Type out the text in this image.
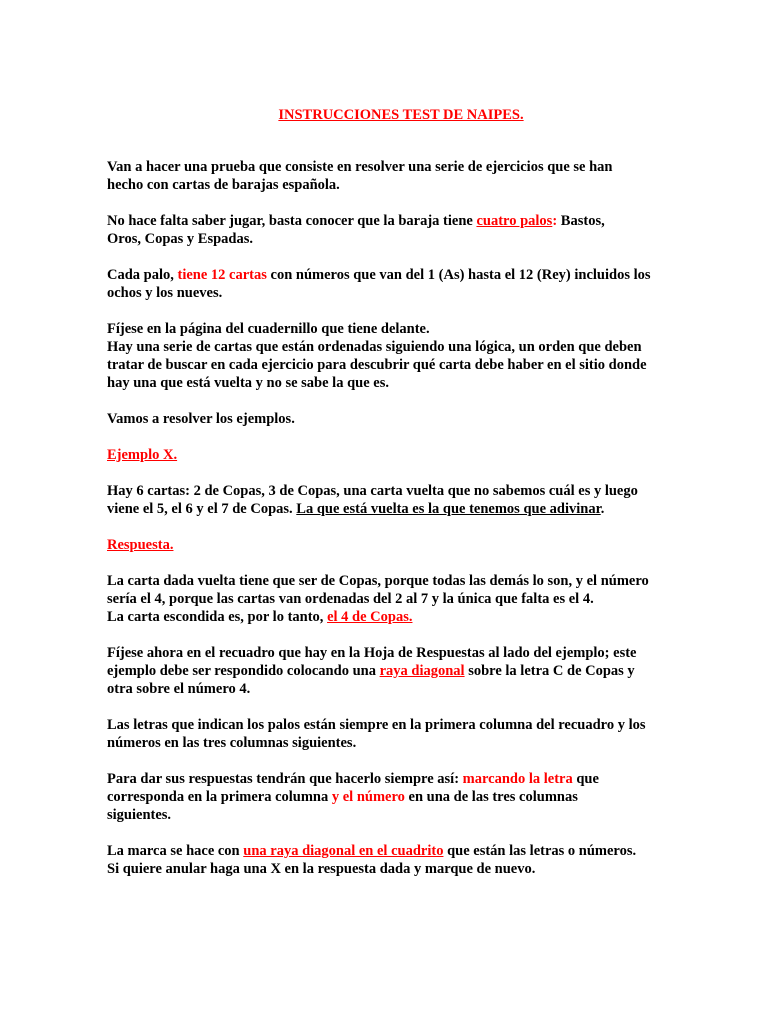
INSTRUCCIONES TEST DE NAIPES.

Van a hacer una prueba que consiste en resolver una serie de ejercicios que se han hecho con cartas de barajas española.

No hace falta saber jugar, basta conocer que la baraja tiene cuatro palos: Bastos, Oros, Copas y Espadas.

Cada palo, tiene 12 cartas con números que van del 1 (As) hasta el 12 (Rey) incluidos los ochos y los nueves.

Fíjese en la página del cuadernillo que tiene delante.

Hay una serie de cartas que están ordenadas siguiendo una lógica, un orden que deben tratar de buscar en cada ejercicio para descubrir qué carta debe haber en el sitio donde hay una que está vuelta y no se sabe la que es.

Vamos a resolver los ejemplos.

Ejemplo X.

Hay 6 cartas: 2 de Copas, 3 de Copas, una carta vuelta que no sabemos cuál es y luego viene el 5, el 6 y el 7 de Copas. La que está vuelta es la que tenemos que adivinar.

Respuesta.

La carta dada vuelta tiene que ser de Copas, porque todas las demás lo son, y el número sería el 4, porque las cartas van ordenadas del 2 al 7 y la única que falta es el 4.

La carta escondida es, por lo tanto, el 4 de Copas.

Fíjese ahora en el recuadro que hay en la Hoja de Respuestas al lado del ejemplo; este ejemplo debe ser respondido colocando una raya diagonal sobre la letra C de Copas y otra sobre el número 4.

Las letras que indican los palos están siempre en la primera columna del recuadro y los números en las tres columnas siguientes.

Para dar sus respuestas tendrán que hacerlo siempre así: marcando la letra que corresponda en la primera columna y el número en una de las tres columnas siguientes.

La marca se hace con una raya diagonal en el cuadrito que están las letras o números.

Si quiere anular haga una X en la respuesta dada y marque de nuevo.
